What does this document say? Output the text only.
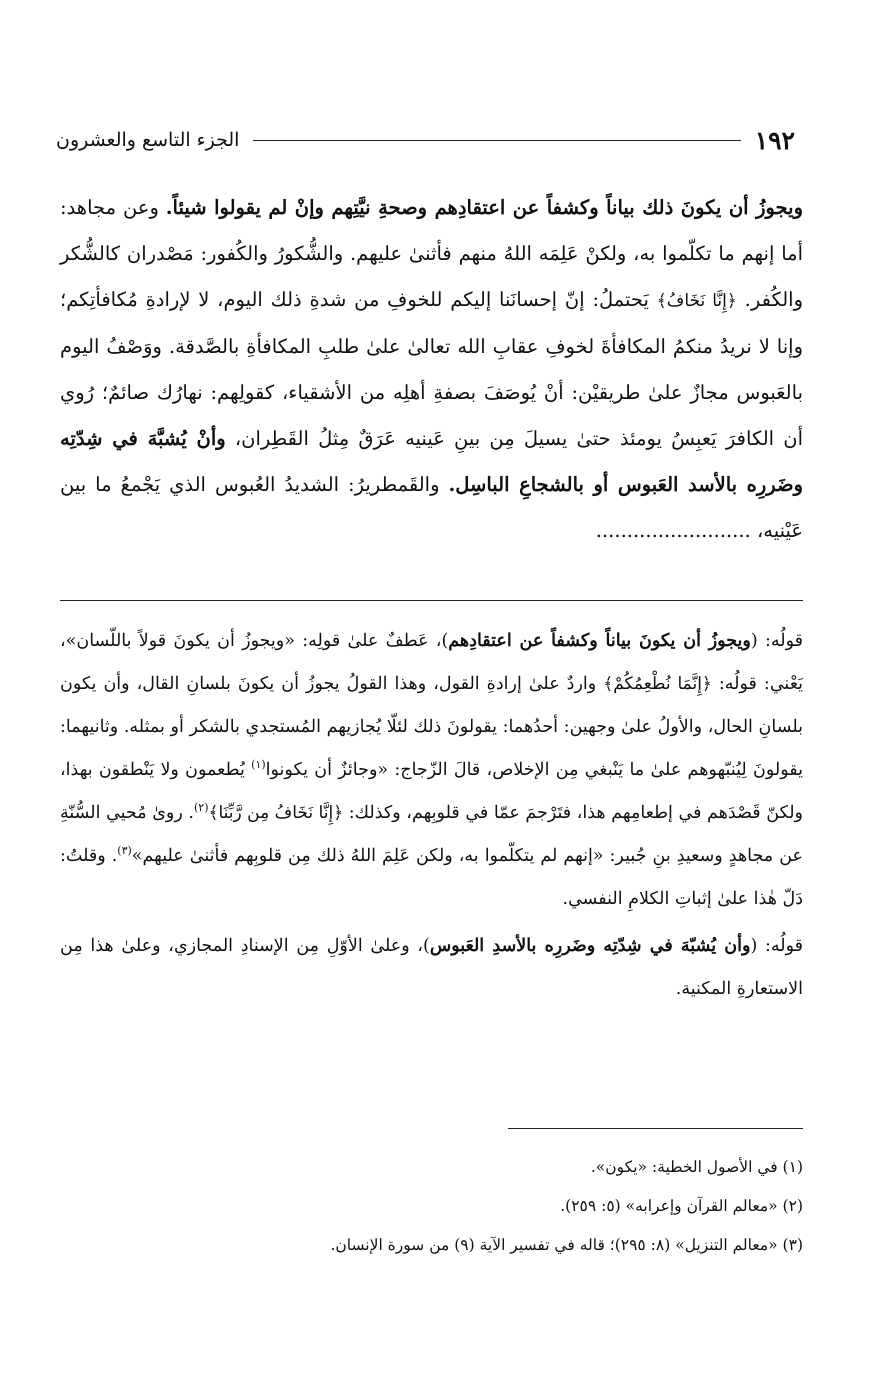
١٩٢
الجزء التاسع والعشرون

ويجوزُ أن يكونَ ذلك بياناً وكشفاً عن اعتقادِهم وصحةِ نيَّتِهم وإنْ لم يقولوا شيئاً. وعن مجاهد: أما إنهم ما تكلّموا به، ولكنْ عَلِمَه اللهُ منهم فأثنىٰ عليهم. والشُّكورُ والكُفور: مَصْدران كالشُّكر والكُفر. ﴿إِنَّا نَخَافُ﴾ يَحتملُ: إنّ إحسانَنا إليكم للخوفِ من شدةِ ذلك اليوم، لا لإرادةِ مُكافأتِكم؛ وإنا لا نريدُ منكمُ المكافأةَ لخوفِ عقابِ الله تعالىٰ علىٰ طلبِ المكافأةِ بالصَّدقة. ووَصْفُ اليوم بالعَبوس مجازٌ علىٰ طريقيْن: أنْ يُوصَفَ بصفةِ أهلِه من الأشقياء، كقولِهم: نهارُك صائمٌ؛ رُوي أن الكافرَ يَعبِسُ يومئذ حتىٰ يسيلَ مِن بينِ عَينيه عَرَقٌ مِثلُ القَطِران، وأنْ يُشبَّهَ في شِدّتِه وضَررِه بالأسد العَبوس أو بالشجاعِ الباسِل. والقَمطريرُ: الشديدُ العُبوس الذي يَجْمعُ ما بين عَيْنيه، .........................

قولُه: (ويجوزُ أن يكونَ بياناً وكشفاً عن اعتقادِهم)، عَطفٌ علىٰ قولِه: «ويجوزُ أن يكونَ قولاً باللّسان»، يَعْني: قولُه: ﴿إِنَّمَا نُطْعِمُكُمْ﴾ واردٌ علىٰ إرادةِ القول، وهذا القولُ يجوزُ أن يكونَ بلسانِ القال، وأن يكون بلسانِ الحال، والأولُ علىٰ وجهين: أحدُهما: يقولونَ ذلك لئلّا يُجازيهم المُستجدي بالشكر أو بمثله. وثانيهما: يقولونَ لِيُنبّهوهم علىٰ ما يَنْبغي مِن الإخلاص، قالَ الزّجاج: «وجائزٌ أن يكونوا$^{(١)}$ يُطعمون ولا يَنْطقون بهذا، ولكنّ قَصْدَهم في إطعامِهم هذا، فتَرْجمَ عمّا في قلوبِهم، وكذلك: ﴿إِنَّا نَخَافُ مِن رَّبِّنَا﴾$^{(٢)}$. روىٰ مُحيي السُّنّةِ عن مجاهدٍ وسعيدِ بنِ جُبير: «إنهم لم يتكلّموا به، ولكن عَلِمَ اللهُ ذلك مِن قلوبِهم فأثنىٰ عليهم»$^{(٣)}$. وقلتُ: دَلّ هٰذا علىٰ إثباتِ الكلامِ النفسي.

قولُه: (وأن يُشبّهَ في شِدّتِه وضَررِه بالأسدِ العَبوس)، وعلىٰ الأوّلِ مِن الإسنادِ المجازي، وعلىٰ هذا مِن الاستعارةِ المكنية.

(١) في الأصول الخطية: «يكون».
(٢) «معالم القرآن وإعرابه» (٥: ٢٥٩).
(٣) «معالم التنزيل» (٨: ٢٩٥)؛ قاله في تفسير الآية (٩) من سورة الإنسان.
